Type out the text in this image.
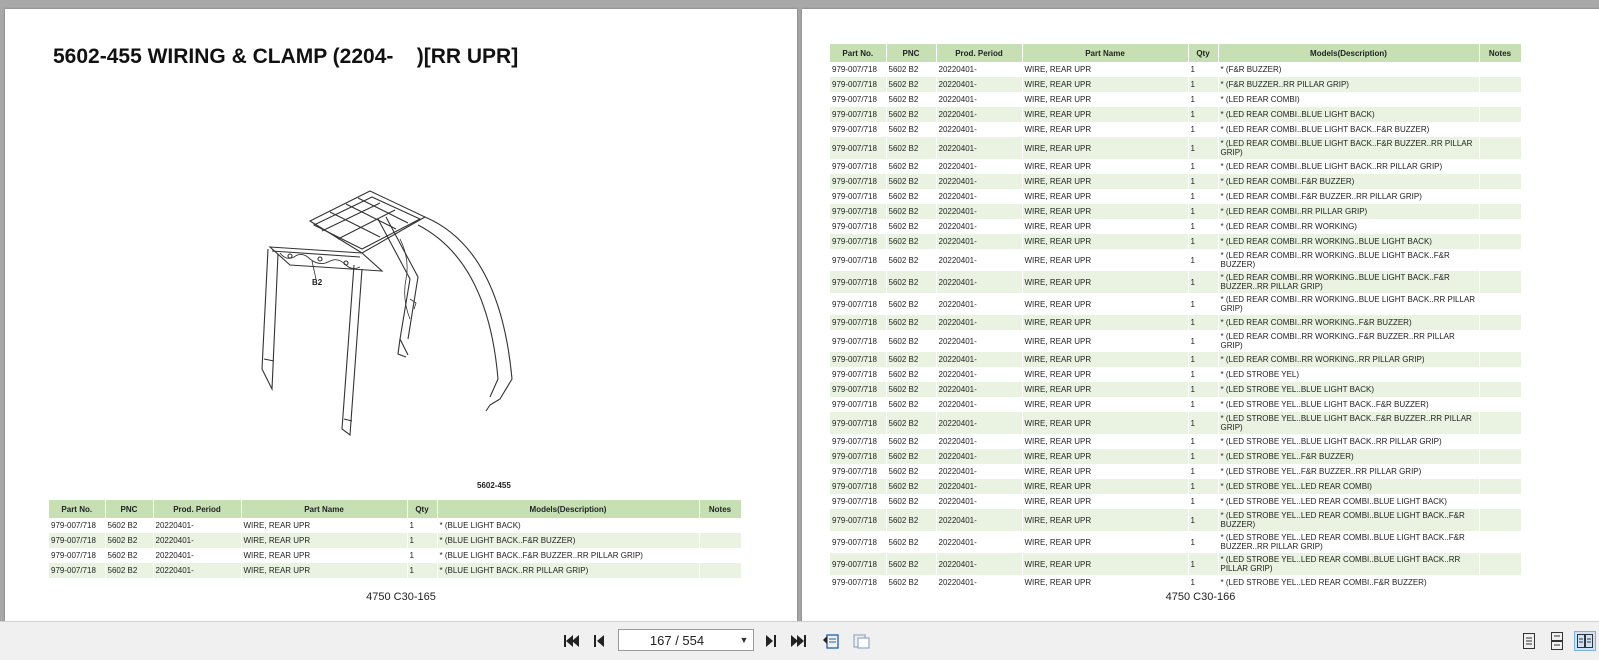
5602-455 WIRING & CLAMP (2204-    )[RR UPR]
B2
5602-455
Part No.	PNC	Prod. Period	Part Name	Qty	Models(Description)	Notes
979-007/718	5602 B2	20220401-	WIRE, REAR UPR	1	* (BLUE LIGHT BACK)	
979-007/718	5602 B2	20220401-	WIRE, REAR UPR	1	* (BLUE LIGHT BACK..F&R BUZZER)	
979-007/718	5602 B2	20220401-	WIRE, REAR UPR	1	* (BLUE LIGHT BACK..F&R BUZZER..RR PILLAR GRIP)	
979-007/718	5602 B2	20220401-	WIRE, REAR UPR	1	* (BLUE LIGHT BACK..RR PILLAR GRIP)	
4750 C30-165
Part No.	PNC	Prod. Period	Part Name	Qty	Models(Description)	Notes
979-007/718	5602 B2	20220401-	WIRE, REAR UPR	1	* (F&R BUZZER)	
979-007/718	5602 B2	20220401-	WIRE, REAR UPR	1	* (F&R BUZZER..RR PILLAR GRIP)	
979-007/718	5602 B2	20220401-	WIRE, REAR UPR	1	* (LED REAR COMBI)	
979-007/718	5602 B2	20220401-	WIRE, REAR UPR	1	* (LED REAR COMBI..BLUE LIGHT BACK)	
979-007/718	5602 B2	20220401-	WIRE, REAR UPR	1	* (LED REAR COMBI..BLUE LIGHT BACK..F&R BUZZER)	
979-007/718	5602 B2	20220401-	WIRE, REAR UPR	1	* (LED REAR COMBI..BLUE LIGHT BACK..F&R BUZZER..RR PILLAR GRIP)	
979-007/718	5602 B2	20220401-	WIRE, REAR UPR	1	* (LED REAR COMBI..BLUE LIGHT BACK..RR PILLAR GRIP)	
979-007/718	5602 B2	20220401-	WIRE, REAR UPR	1	* (LED REAR COMBI..F&R BUZZER)	
979-007/718	5602 B2	20220401-	WIRE, REAR UPR	1	* (LED REAR COMBI..F&R BUZZER..RR PILLAR GRIP)	
979-007/718	5602 B2	20220401-	WIRE, REAR UPR	1	* (LED REAR COMBI..RR PILLAR GRIP)	
979-007/718	5602 B2	20220401-	WIRE, REAR UPR	1	* (LED REAR COMBI..RR WORKING)	
979-007/718	5602 B2	20220401-	WIRE, REAR UPR	1	* (LED REAR COMBI..RR WORKING..BLUE LIGHT BACK)	
979-007/718	5602 B2	20220401-	WIRE, REAR UPR	1	* (LED REAR COMBI..RR WORKING..BLUE LIGHT BACK..F&R BUZZER)	
979-007/718	5602 B2	20220401-	WIRE, REAR UPR	1	* (LED REAR COMBI..RR WORKING..BLUE LIGHT BACK..F&R BUZZER..RR PILLAR GRIP)	
979-007/718	5602 B2	20220401-	WIRE, REAR UPR	1	* (LED REAR COMBI..RR WORKING..BLUE LIGHT BACK..RR PILLAR GRIP)	
979-007/718	5602 B2	20220401-	WIRE, REAR UPR	1	* (LED REAR COMBI..RR WORKING..F&R BUZZER)	
979-007/718	5602 B2	20220401-	WIRE, REAR UPR	1	* (LED REAR COMBI..RR WORKING..F&R BUZZER..RR PILLAR GRIP)	
979-007/718	5602 B2	20220401-	WIRE, REAR UPR	1	* (LED REAR COMBI..RR WORKING..RR PILLAR GRIP)	
979-007/718	5602 B2	20220401-	WIRE, REAR UPR	1	* (LED STROBE YEL)	
979-007/718	5602 B2	20220401-	WIRE, REAR UPR	1	* (LED STROBE YEL..BLUE LIGHT BACK)	
979-007/718	5602 B2	20220401-	WIRE, REAR UPR	1	* (LED STROBE YEL..BLUE LIGHT BACK..F&R BUZZER)	
979-007/718	5602 B2	20220401-	WIRE, REAR UPR	1	* (LED STROBE YEL..BLUE LIGHT BACK..F&R BUZZER..RR PILLAR GRIP)	
979-007/718	5602 B2	20220401-	WIRE, REAR UPR	1	* (LED STROBE YEL..BLUE LIGHT BACK..RR PILLAR GRIP)	
979-007/718	5602 B2	20220401-	WIRE, REAR UPR	1	* (LED STROBE YEL..F&R BUZZER)	
979-007/718	5602 B2	20220401-	WIRE, REAR UPR	1	* (LED STROBE YEL..F&R BUZZER..RR PILLAR GRIP)	
979-007/718	5602 B2	20220401-	WIRE, REAR UPR	1	* (LED STROBE YEL..LED REAR COMBI)	
979-007/718	5602 B2	20220401-	WIRE, REAR UPR	1	* (LED STROBE YEL..LED REAR COMBI..BLUE LIGHT BACK)	
979-007/718	5602 B2	20220401-	WIRE, REAR UPR	1	* (LED STROBE YEL..LED REAR COMBI..BLUE LIGHT BACK..F&R BUZZER)	
979-007/718	5602 B2	20220401-	WIRE, REAR UPR	1	* (LED STROBE YEL..LED REAR COMBI..BLUE LIGHT BACK..F&R BUZZER..RR PILLAR GRIP)	
979-007/718	5602 B2	20220401-	WIRE, REAR UPR	1	* (LED STROBE YEL..LED REAR COMBI..BLUE LIGHT BACK..RR PILLAR GRIP)	
979-007/718	5602 B2	20220401-	WIRE, REAR UPR	1	* (LED STROBE YEL..LED REAR COMBI..F&R BUZZER)	
4750 C30-166
167 / 554	▼
